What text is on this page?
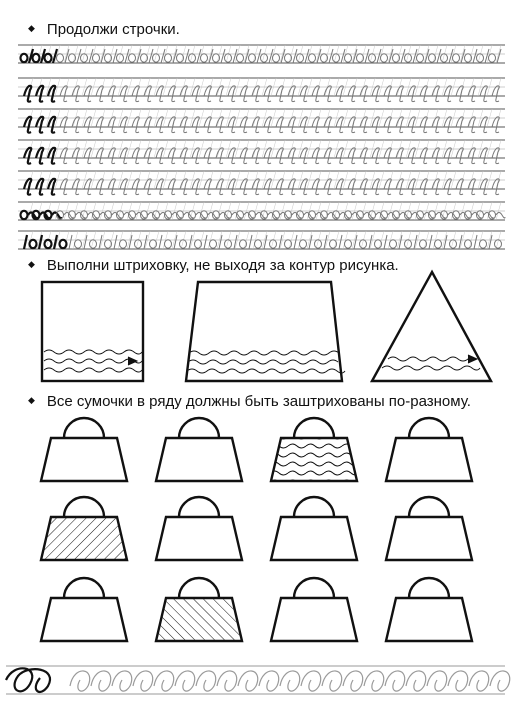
◆ Продолжи строчки.
◆ Выполни штриховку, не выходя за контур рисунка.
◆ Все сумочки в ряду должны быть заштрихованы по-разному.
